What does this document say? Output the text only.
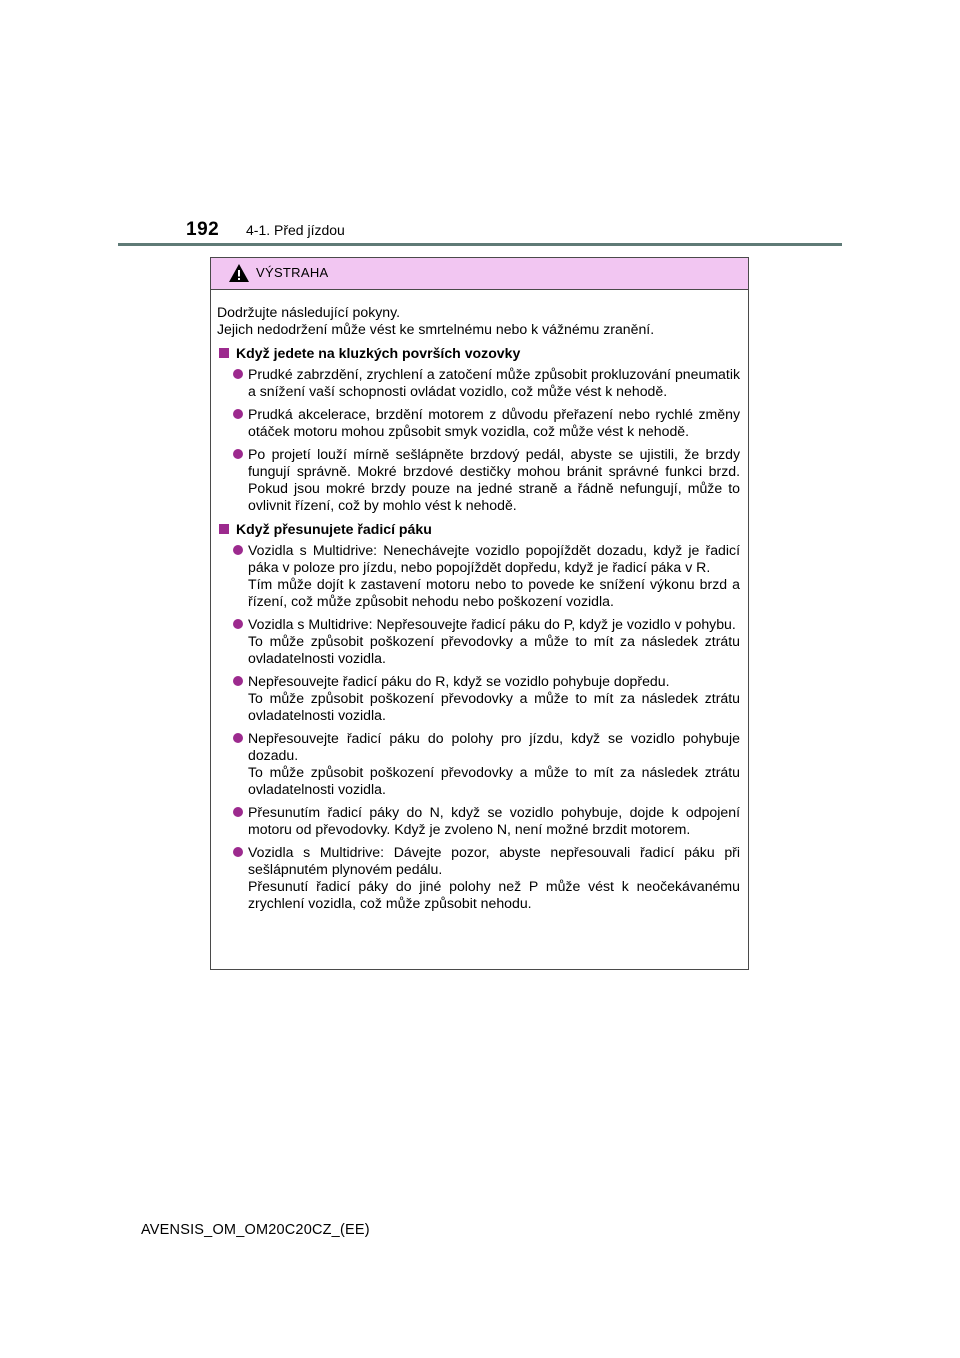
192 4-1. Před jízdou
VÝSTRAHA

Dodržujte následující pokyny.

Jejich nedodržení může vést ke smrtelnému nebo k vážnému zranění.

Když jedete na kluzkých površích vozovky

Prudké zabrzdění, zrychlení a zatočení může způsobit prokluzování pneumatik a snížení vaší schopnosti ovládat vozidlo, což může vést k nehodě.

Prudká akcelerace, brzdění motorem z důvodu přeřazení nebo rychlé změny otáček motoru mohou způsobit smyk vozidla, což může vést k nehodě.

Po projetí louží mírně sešlápněte brzdový pedál, abyste se ujistili, že brzdy fungují správně. Mokré brzdové destičky mohou bránit správné funkci brzd. Pokud jsou mokré brzdy pouze na jedné straně a řádně nefungují, může to ovlivnit řízení, což by mohlo vést k nehodě.

Když přesunujete řadicí páku

Vozidla s Multidrive: Nenechávejte vozidlo popojíždět dozadu, když je řadicí páka v poloze pro jízdu, nebo popojíždět dopředu, když je řadicí páka v R.

Tím může dojít k zastavení motoru nebo to povede ke snížení výkonu brzd a řízení, což může způsobit nehodu nebo poškození vozidla.

Vozidla s Multidrive: Nepřesouvejte řadicí páku do P, když je vozidlo v pohybu.

To může způsobit poškození převodovky a může to mít za následek ztrátu ovladatelnosti vozidla.

Nepřesouvejte řadicí páku do R, když se vozidlo pohybuje dopředu.

To může způsobit poškození převodovky a může to mít za následek ztrátu ovladatelnosti vozidla.

Nepřesouvejte řadicí páku do polohy pro jízdu, když se vozidlo pohybuje dozadu.

To může způsobit poškození převodovky a může to mít za následek ztrátu ovladatelnosti vozidla.

Přesunutím řadicí páky do N, když se vozidlo pohybuje, dojde k odpojení motoru od převodovky. Když je zvoleno N, není možné brzdit motorem.

Vozidla s Multidrive: Dávejte pozor, abyste nepřesouvali řadicí páku při sešlápnutém plynovém pedálu.

Přesunutí řadicí páky do jiné polohy než P může vést k neočekávanému zrychlení vozidla, což může způsobit nehodu.

AVENSIS_OM_OM20C20CZ_(EE)
